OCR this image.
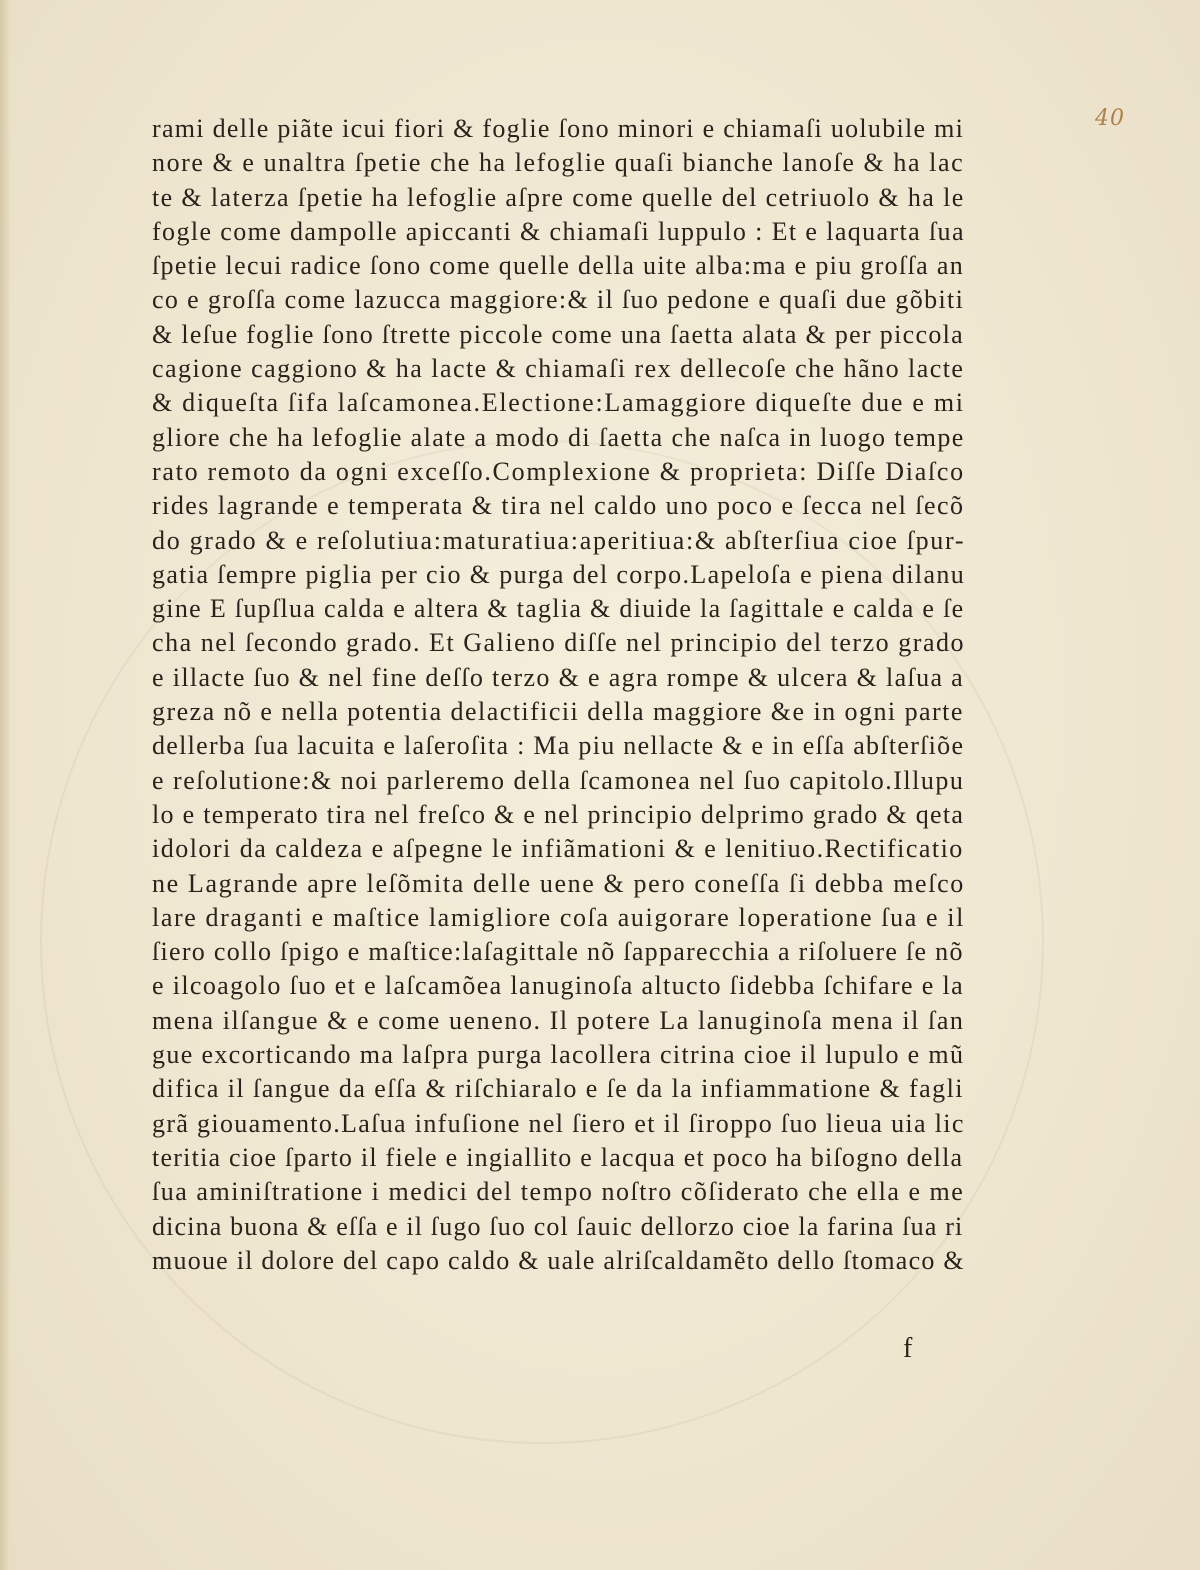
40
rami delle piãte icui fiori & foglie ſono minori e chiamaſi uolubile mi
nore & e unaltra ſpetie che ha lefoglie quaſi bianche lanoſe & ha lac
te & laterza ſpetie ha lefoglie aſpre come quelle del cetriuolo & ha le
fogle come dampolle apiccanti & chiamaſi luppulo : Et e laquarta ſua
ſpetie lecui radice ſono come quelle della uite alba:ma e piu groſſa an
co e groſſa come lazucca maggiore:& il ſuo pedone e quaſi due gõbiti
& leſue foglie ſono ſtrette piccole come una ſaetta alata & per piccola
cagione caggiono & ha lacte & chiamaſi rex dellecoſe che hãno lacte
& diqueſta ſifa laſcamonea.Electione:Lamaggiore diqueſte due e mi
gliore che ha lefoglie alate a modo di ſaetta che naſca in luogo tempe
rato remoto da ogni exceſſo.Complexione & proprieta: Diſſe Diaſco
rides lagrande e temperata & tira nel caldo uno poco e ſecca nel ſecõ
do grado & e reſolutiua:maturatiua:aperitiua:& abſterſiua cioe ſpur-
gatia ſempre piglia per cio & purga del corpo.Lapeloſa e piena dilanu
gine E ſupſlua calda e altera & taglia & diuide la ſagittale e calda e ſe
cha nel ſecondo grado. Et Galieno diſſe nel principio del terzo grado
e illacte ſuo & nel fine deſſo terzo & e agra rompe & ulcera & laſua a
greza nõ e nella potentia delactificii della maggiore &e in ogni parte
dellerba ſua lacuita e laſeroſita : Ma piu nellacte & e in eſſa abſterſiõe
e reſolutione:& noi parleremo della ſcamonea nel ſuo capitolo.Illupu
lo e temperato tira nel freſco & e nel principio delprimo grado & qeta
idolori da caldeza e aſpegne le infiãmationi & e lenitiuo.Rectificatio
ne Lagrande apre leſõmita delle uene & pero coneſſa ſi debba meſco
lare draganti e maſtice lamigliore coſa auigorare loperatione ſua e il
ſiero collo ſpigo e maſtice:laſagittale nõ ſapparecchia a riſoluere ſe nõ
e ilcoagolo ſuo et e laſcamõea lanuginoſa altucto ſidebba ſchifare e la
mena ilſangue & e come ueneno. Il potere La lanuginoſa mena il ſan
gue excorticando ma laſpra purga lacollera citrina cioe il lupulo e mũ
difica il ſangue da eſſa & riſchiaralo e ſe da la infiammatione & fagli
grã giouamento.Laſua infuſione nel ſiero et il ſiroppo ſuo lieua uia lic
teritia cioe ſparto il fiele e ingiallito e lacqua et poco ha biſogno della
ſua aminiſtratione i medici del tempo noſtro cõſiderato che ella e me
dicina buona & eſſa e il ſugo ſuo col ſauic dellorzo cioe la farina ſua ri
muoue il dolore del capo caldo & uale alriſcaldamẽto dello ſtomaco &
f
